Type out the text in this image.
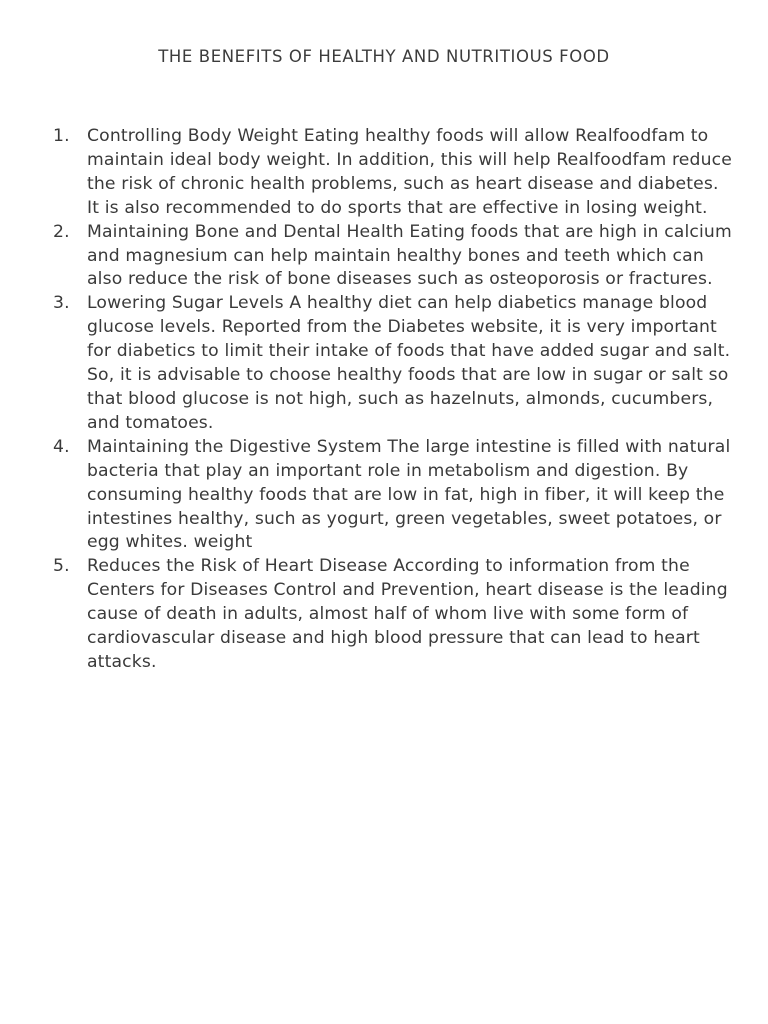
THE BENEFITS OF HEALTHY AND NUTRITIOUS FOOD
1.	Controlling Body Weight Eating healthy foods will allow Realfoodfam to maintain ideal body weight. In addition, this will help Realfoodfam reduce the risk of chronic health problems, such as heart disease and diabetes. It is also recommended to do sports that are effective in losing weight.
2.	Maintaining Bone and Dental Health Eating foods that are high in calcium and magnesium can help maintain healthy bones and teeth which can also reduce the risk of bone diseases such as osteoporosis or fractures.
3.	Lowering Sugar Levels A healthy diet can help diabetics manage blood glucose levels. Reported from the Diabetes website, it is very important for diabetics to limit their intake of foods that have added sugar and salt. So, it is advisable to choose healthy foods that are low in sugar or salt so that blood glucose is not high, such as hazelnuts, almonds, cucumbers, and tomatoes.
4.	Maintaining the Digestive System The large intestine is filled with natural bacteria that play an important role in metabolism and digestion. By consuming healthy foods that are low in fat, high in fiber, it will keep the intestines healthy, such as yogurt, green vegetables, sweet potatoes, or egg whites. weight
5.	Reduces the Risk of Heart Disease According to information from the Centers for Diseases Control and Prevention, heart disease is the leading cause of death in adults, almost half of whom live with some form of cardiovascular disease and high blood pressure that can lead to heart attacks.
